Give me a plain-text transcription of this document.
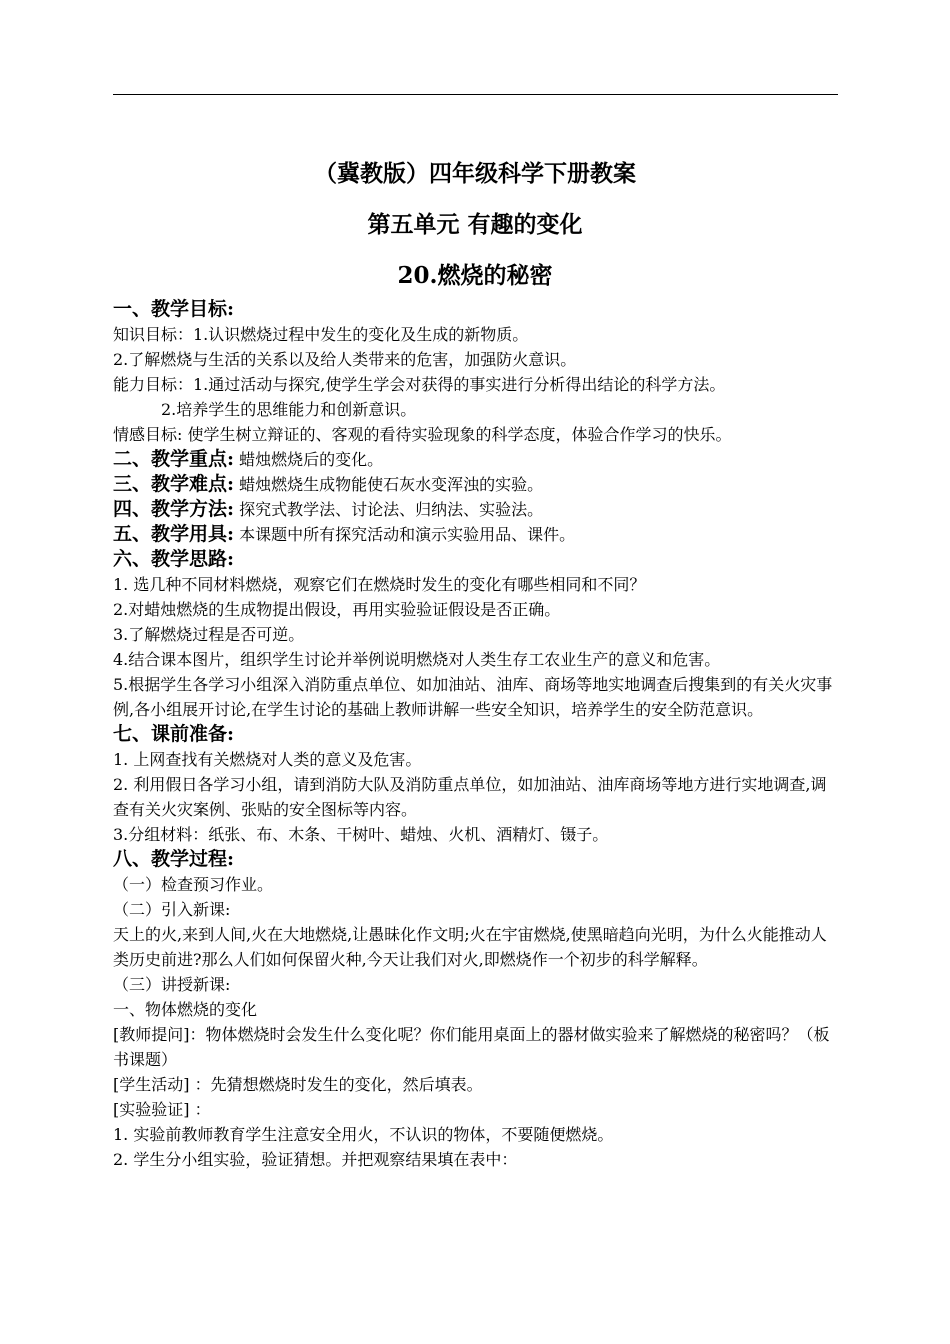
（冀教版）四年级科学下册教案
第五单元 有趣的变化
20.燃烧的秘密
一、教学目标:
知识目标：1.认识燃烧过程中发生的变化及生成的新物质。
2.了解燃烧与生活的关系以及给人类带来的危害，加强防火意识。
能力目标：1.通过活动与探究,使学生学会对获得的事实进行分析得出结论的科学方法。
2.培养学生的思维能力和创新意识。
情感目标: 使学生树立辩证的、客观的看待实验现象的科学态度，体验合作学习的快乐。
二、教学重点: 蜡烛燃烧后的变化。
三、教学难点: 蜡烛燃烧生成物能使石灰水变浑浊的实验。
四、教学方法: 探究式教学法、讨论法、归纳法、实验法。
五、教学用具: 本课题中所有探究活动和演示实验用品、课件。
六、教学思路:
1. 选几种不同材料燃烧，观察它们在燃烧时发生的变化有哪些相同和不同？
2.对蜡烛燃烧的生成物提出假设，再用实验验证假设是否正确。
3.了解燃烧过程是否可逆。
4.结合课本图片，组织学生讨论并举例说明燃烧对人类生存工农业生产的意义和危害。
5.根据学生各学习小组深入消防重点单位、如加油站、油库、商场等地实地调查后搜集到的有关火灾事例,各小组展开讨论,在学生讨论的基础上教师讲解一些安全知识，培养学生的安全防范意识。
七、课前准备:
1. 上网查找有关燃烧对人类的意义及危害。
2. 利用假日各学习小组，请到消防大队及消防重点单位，如加油站、油库商场等地方进行实地调查,调查有关火灾案例、张贴的安全图标等内容。
3.分组材料：纸张、布、木条、干树叶、蜡烛、火机、酒精灯、镊子。
八、教学过程:
（一）检查预习作业。
（二）引入新课:
天上的火,来到人间,火在大地燃烧,让愚昧化作文明;火在宇宙燃烧,使黑暗趋向光明，为什么火能推动人类历史前进?那么人们如何保留火种,今天让我们对火,即燃烧作一个初步的科学解释。
（三）讲授新课:
一、物体燃烧的变化
[教师提问]：物体燃烧时会发生什么变化呢？你们能用桌面上的器材做实验来了解燃烧的秘密吗？（板书课题）
[学生活动] ：先猜想燃烧时发生的变化，然后填表。
[实验验证] ：
1. 实验前教师教育学生注意安全用火，不认识的物体，不要随便燃烧。
2. 学生分小组实验，验证猜想。并把观察结果填在表中：
